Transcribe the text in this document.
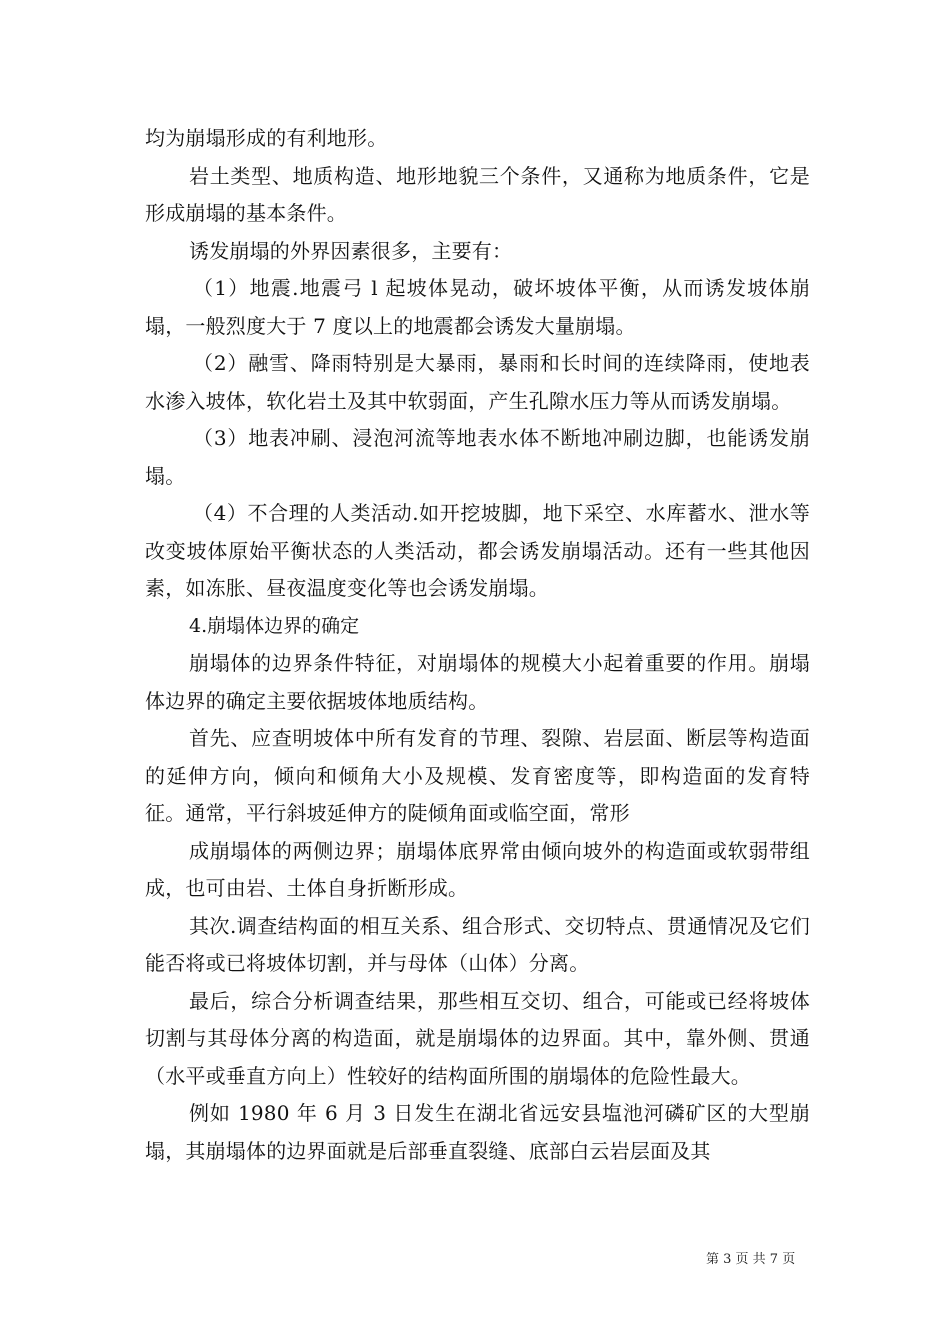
均为崩塌形成的有利地形。

岩土类型、地质构造、地形地貌三个条件，又通称为地质条件，它是形成崩塌的基本条件。

诱发崩塌的外界因素很多，主要有：

（1）地震.地震弓 l 起坡体晃动，破坏坡体平衡，从而诱发坡体崩塌，一般烈度大于 7 度以上的地震都会诱发大量崩塌。

（2）融雪、降雨特别是大暴雨，暴雨和长时间的连续降雨，使地表水渗入坡体，软化岩土及其中软弱面，产生孔隙水压力等从而诱发崩塌。

（3）地表冲刷、浸泡河流等地表水体不断地冲刷边脚，也能诱发崩塌。

（4）不合理的人类活动.如开挖坡脚，地下采空、水库蓄水、泄水等改变坡体原始平衡状态的人类活动，都会诱发崩塌活动。还有一些其他因素，如冻胀、昼夜温度变化等也会诱发崩塌。

4.崩塌体边界的确定

崩塌体的边界条件特征，对崩塌体的规模大小起着重要的作用。崩塌体边界的确定主要依据坡体地质结构。

首先、应查明坡体中所有发育的节理、裂隙、岩层面、断层等构造面的延伸方向，倾向和倾角大小及规模、发育密度等，即构造面的发育特征。通常，平行斜坡延伸方的陡倾角面或临空面，常形

成崩塌体的两侧边界；崩塌体底界常由倾向坡外的构造面或软弱带组成，也可由岩、土体自身折断形成。

其次.调查结构面的相互关系、组合形式、交切特点、贯通情况及它们能否将或已将坡体切割，并与母体（山体）分离。

最后，综合分析调查结果，那些相互交切、组合，可能或已经将坡体切割与其母体分离的构造面，就是崩塌体的边界面。其中，靠外侧、贯通（水平或垂直方向上）性较好的结构面所围的崩塌体的危险性最大。

例如 1980 年 6 月 3 日发生在湖北省远安县塩池河磷矿区的大型崩塌，其崩塌体的边界面就是后部垂直裂缝、底部白云岩层面及其

第 3 页 共 7 页
